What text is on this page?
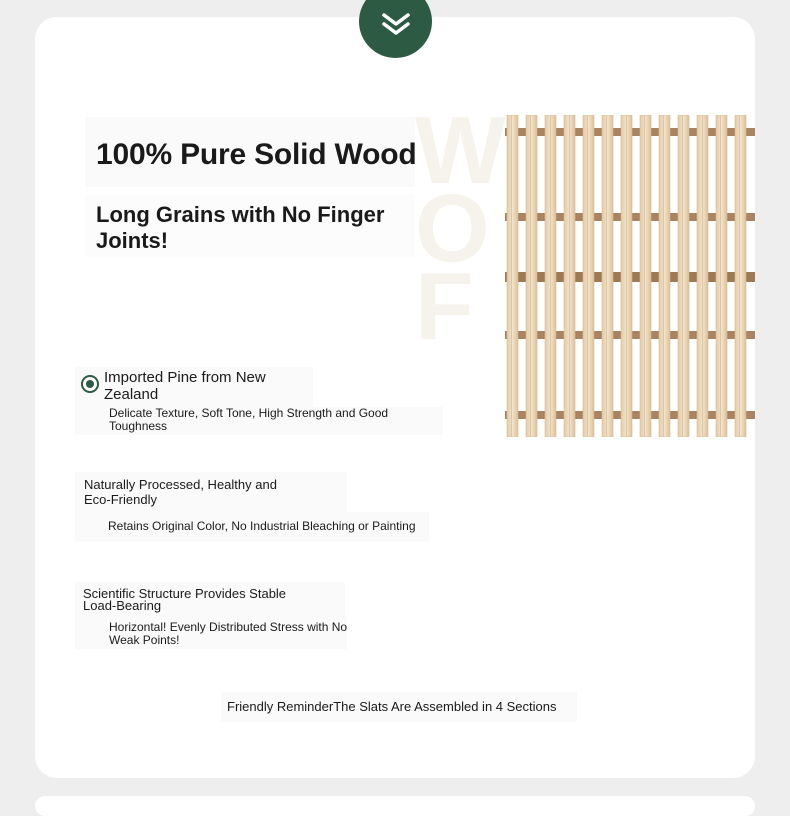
100% Pure Solid Wood
Long Grains with No Finger Joints!
W
O
F

Imported Pine from New Zealand

Delicate Texture, Soft Tone, High Strength and Good Toughness

Naturally Processed, Healthy and Eco-Friendly

Retains Original Color, No Industrial Bleaching or Painting

Scientific Structure Provides Stable Load-Bearing

Horizontal! Evenly Distributed Stress with No Weak Points!

Friendly ReminderThe Slats Are Assembled in 4 Sections
